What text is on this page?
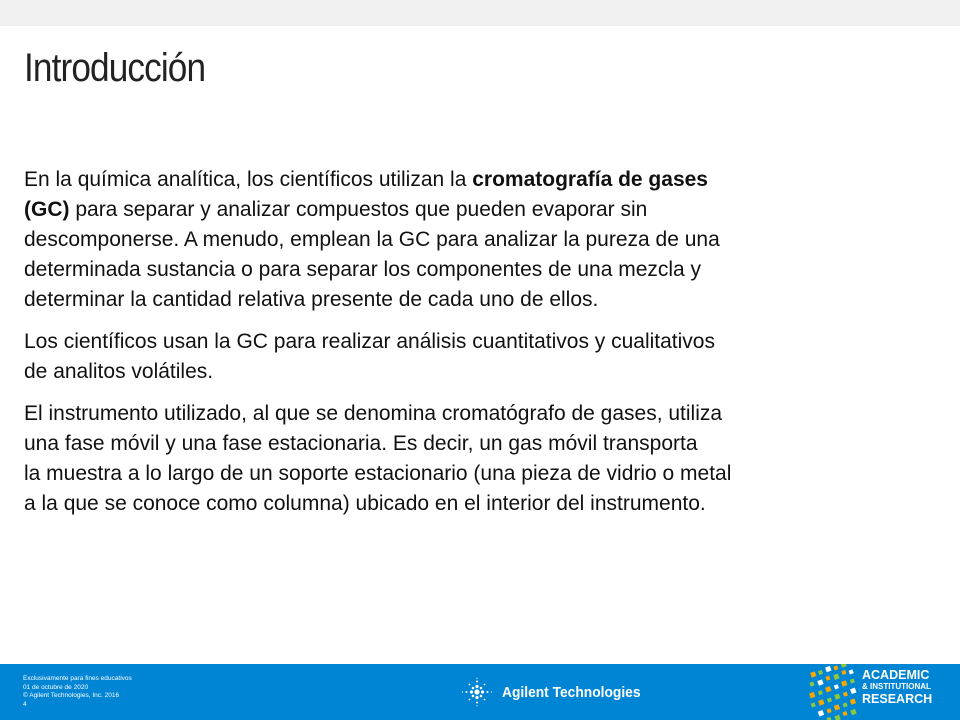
Introducción

En la química analítica, los científicos utilizan la cromatografía de gases
(GC) para separar y analizar compuestos que pueden evaporar sin
descomponerse. A menudo, emplean la GC para analizar la pureza de una
determinada sustancia o para separar los componentes de una mezcla y
determinar la cantidad relativa presente de cada uno de ellos.

Los científicos usan la GC para realizar análisis cuantitativos y cualitativos
de analitos volátiles.

El instrumento utilizado, al que se denomina cromatógrafo de gases, utiliza
una fase móvil y una fase estacionaria. Es decir, un gas móvil transporta
la muestra a lo largo de un soporte estacionario (una pieza de vidrio o metal
a la que se conoce como columna) ubicado en el interior del instrumento.

Exclusivamente para fines educativos
01 de octubre de 2020
© Agilent Technologies, Inc. 2016
4
Agilent Technologies
ACADEMIC
& INSTITUTIONAL
RESEARCH
